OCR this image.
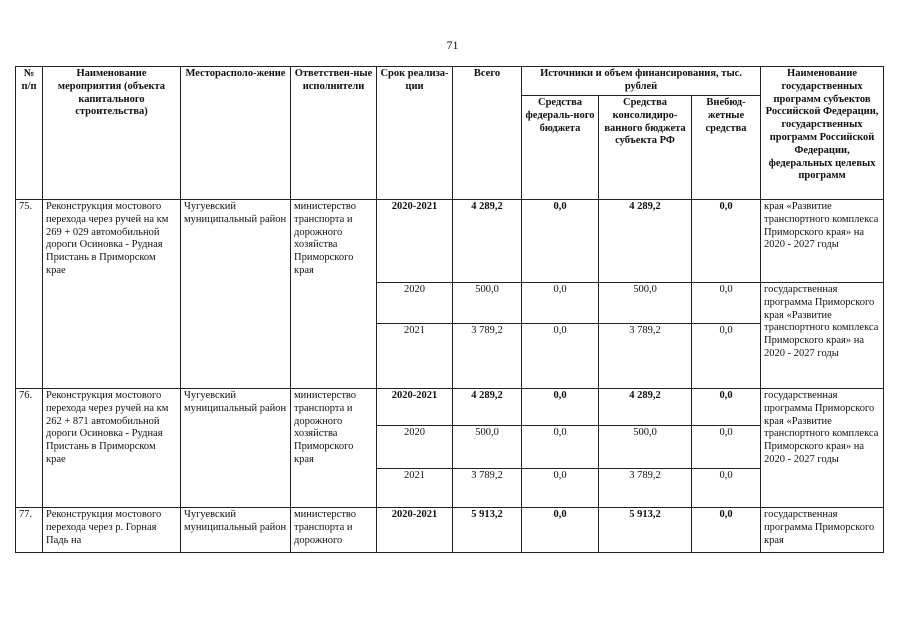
71
№ п/п	Наименование мероприятия (объекта капитального строительства)	Месторасполо-жение	Ответствен-ные исполнители	Срок реализа-ции	Всего	Источники и объем финансирования, тыс. рублей			Наименование государственных программ субъектов Российской Федерации, государственных программ Российской Федерации, федеральных целевых программ
						Средства федераль-ного бюджета	Средства консолидиро-ванного бюджета субъекта РФ	Внебюд-жетные средства	
75.	Реконструкция мостового перехода через ручей на км 269 + 029 автомобильной дороги Осиновка - Рудная Пристань в Приморском крае	Чугуевский муниципальный район	министерство транспорта и дорожного хозяйства Приморского края	2020-2021	4 289,2	0,0	4 289,2	0,0	края «Развитие транспортного комплекса Приморского края» на 2020 - 2027 годы
				2020	500,0	0,0	500,0	0,0	государственная программа Приморского края «Развитие транспортного комплекса Приморского края» на 2020 - 2027 годы
				2021	3 789,2	0,0	3 789,2	0,0	
76.	Реконструкция мостового перехода через ручей на км 262 + 871 автомобильной дороги Осиновка - Рудная Пристань в Приморском крае	Чугуевский муниципальный район	министерство транспорта и дорожного хозяйства Приморского края	2020-2021	4 289,2	0,0	4 289,2	0,0	государственная программа Приморского края «Развитие транспортного комплекса Приморского края» на 2020 - 2027 годы
				2020	500,0	0,0	500,0	0,0	
				2021	3 789,2	0,0	3 789,2	0,0	
77.	Реконструкция мостового перехода через р. Горная Падь на	Чугуевский муниципальный район	министерство транспорта и дорожного	2020-2021	5 913,2	0,0	5 913,2	0,0	государственная программа Приморского края
